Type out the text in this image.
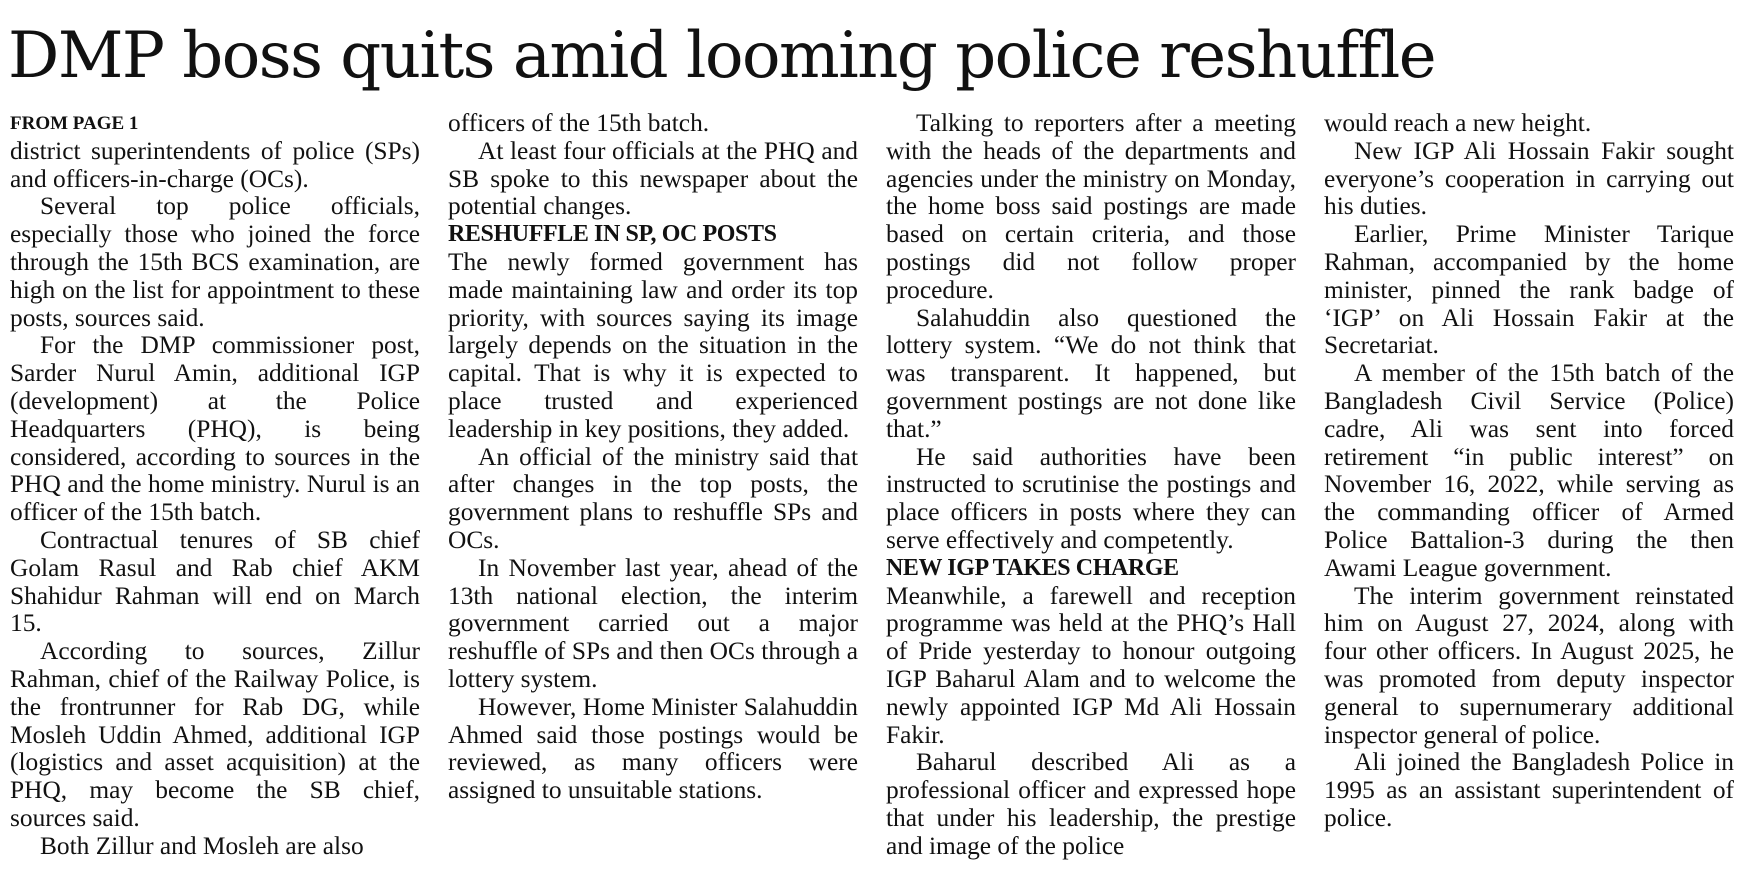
DMP boss quits amid looming police reshuffle
FROM PAGE 1

district superintendents of police (SPs) and officers-in-charge (OCs).

Several top police officials, especially those who joined the force through the 15th BCS examination, are high on the list for appointment to these posts, sources said.

For the DMP commissioner post, Sarder Nurul Amin, additional IGP (development) at the Police Headquarters (PHQ), is being considered, according to sources in the PHQ and the home ministry. Nurul is an officer of the 15th batch.

Contractual tenures of SB chief Golam Rasul and Rab chief AKM Shahidur Rahman will end on March 15.

According to sources, Zillur Rahman, chief of the Railway Police, is the frontrunner for Rab DG, while Mosleh Uddin Ahmed, additional IGP (logistics and asset acquisition) at the PHQ, may become the SB chief, sources said.

Both Zillur and Mosleh are also

officers of the 15th batch.

At least four officials at the PHQ and SB spoke to this newspaper about the potential changes.

RESHUFFLE IN SP, OC POSTS

The newly formed government has made maintaining law and order its top priority, with sources saying its image largely depends on the situation in the capital. That is why it is expected to place trusted and experienced leadership in key positions, they added.

An official of the ministry said that after changes in the top posts, the government plans to reshuffle SPs and OCs.

In November last year, ahead of the 13th national election, the interim government carried out a major reshuffle of SPs and then OCs through a lottery system.

However, Home Minister Salahuddin Ahmed said those postings would be reviewed, as many officers were assigned to unsuitable stations.

Talking to reporters after a meeting with the heads of the departments and agencies under the ministry on Monday, the home boss said postings are made based on certain criteria, and those postings did not follow proper procedure.

Salahuddin also questioned the lottery system. “We do not think that was transparent. It happened, but government postings are not done like that.”

He said authorities have been instructed to scrutinise the postings and place officers in posts where they can serve effectively and competently.

NEW IGP TAKES CHARGE

Meanwhile, a farewell and reception programme was held at the PHQ’s Hall of Pride yesterday to honour outgoing IGP Baharul Alam and to welcome the newly appointed IGP Md Ali Hossain Fakir.

Baharul described Ali as a professional officer and expressed hope that under his leadership, the prestige and image of the police

would reach a new height.

New IGP Ali Hossain Fakir sought everyone’s cooperation in carrying out his duties.

Earlier, Prime Minister Tarique Rahman, accompanied by the home minister, pinned the rank badge of ‘IGP’ on Ali Hossain Fakir at the Secretariat.

A member of the 15th batch of the Bangladesh Civil Service (Police) cadre, Ali was sent into forced retirement “in public interest” on November 16, 2022, while serving as the commanding officer of Armed Police Battalion-3 during the then Awami League government.

The interim government reinstated him on August 27, 2024, along with four other officers. In August 2025, he was promoted from deputy inspector general to supernumerary additional inspector general of police.

Ali joined the Bangladesh Police in 1995 as an assistant superintendent of police.
